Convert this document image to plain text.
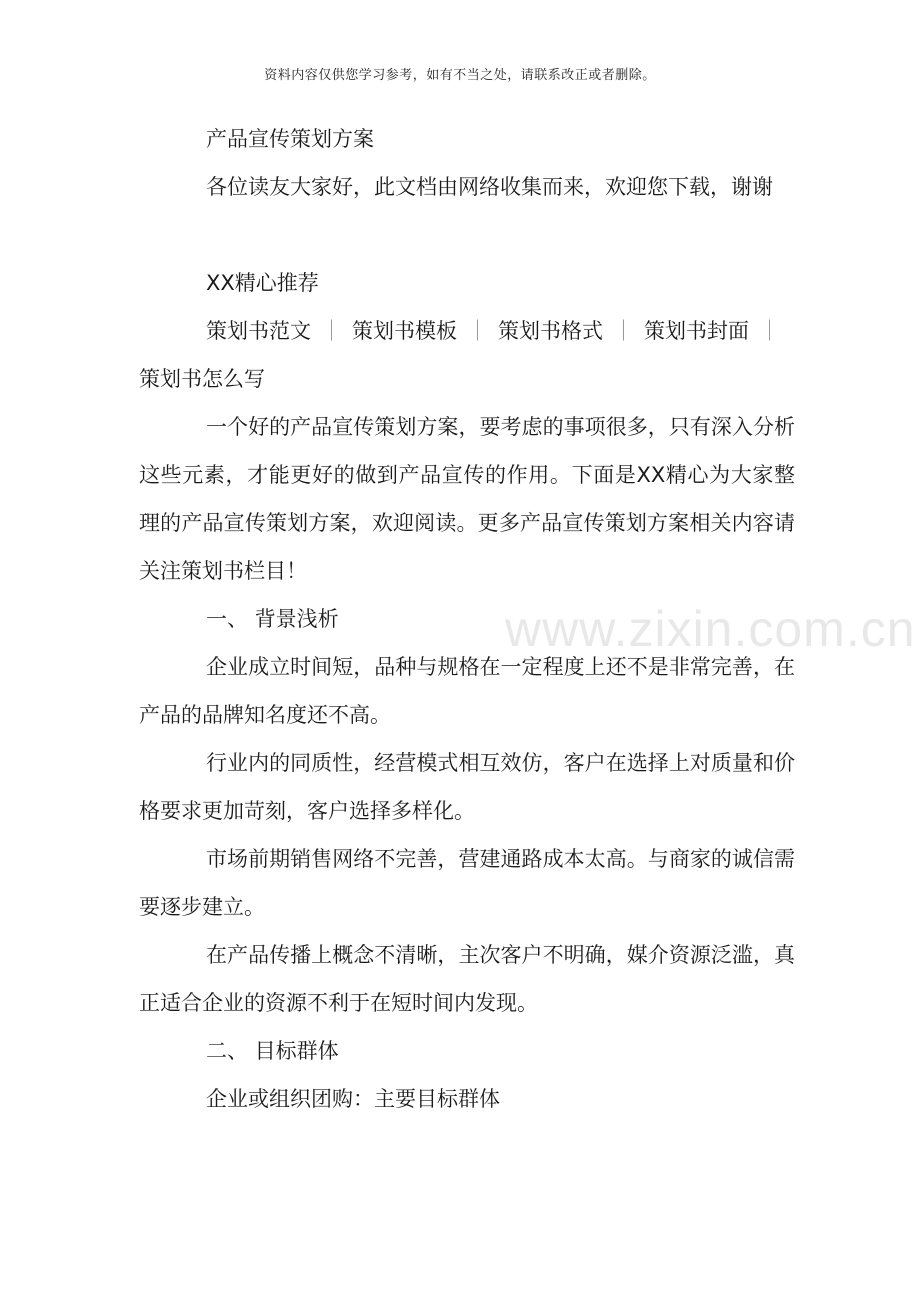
资料内容仅供您学习参考，如有不当之处，请联系改正或者删除。

产品宣传策划方案

各位读友大家好，此文档由网络收集而来，欢迎您下载，谢谢

XX精心推荐

策划书范文 ｜ 策划书模板 ｜ 策划书格式 ｜ 策划书封面 ｜策划书怎么写

一个好的产品宣传策划方案，要考虑的事项很多，只有深入分析这些元素，才能更好的做到产品宣传的作用。下面是XX精心为大家整理的产品宣传策划方案，欢迎阅读。更多产品宣传策划方案相关内容请关注策划书栏目！

一、 背景浅析

企业成立时间短，品种与规格在一定程度上还不是非常完善，在产品的品牌知名度还不高。

行业内的同质性，经营模式相互效仿，客户在选择上对质量和价格要求更加苛刻，客户选择多样化。

市场前期销售网络不完善，营建通路成本太高。与商家的诚信需要逐步建立。

在产品传播上概念不清晰，主次客户不明确，媒介资源泛滥，真正适合企业的资源不利于在短时间内发现。

二、 目标群体

企业或组织团购：主要目标群体

www.zixin.com.cn
